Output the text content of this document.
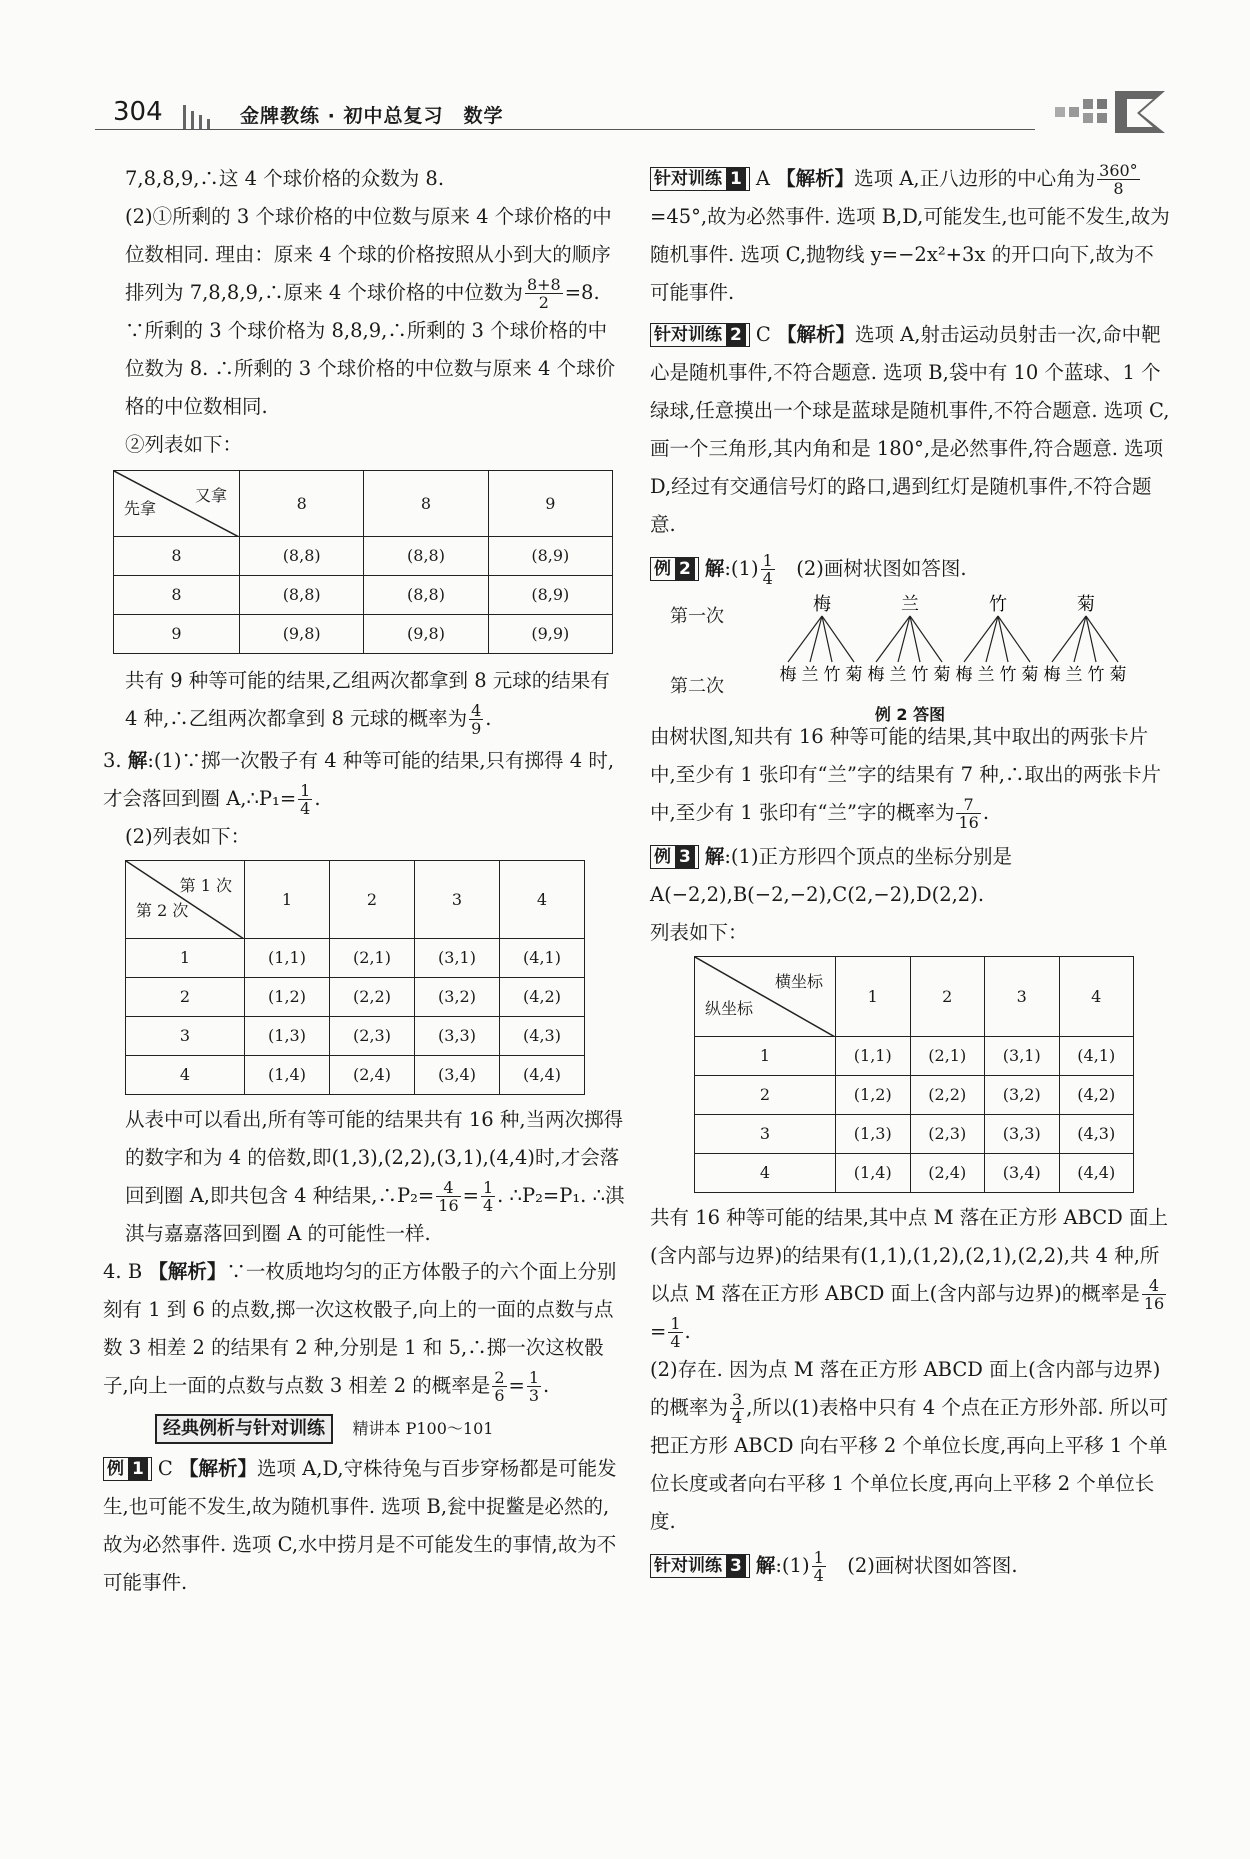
304	金牌教练 · 初中总复习　数学

7,8,8,9,∴这 4 个球价格的众数为 8.

(2)①所剩的 3 个球价格的中位数与原来 4 个球价格的中位数相同. 理由：原来 4 个球的价格按照从小到大的顺序排列为 7,8,8,9,∴原来 4 个球价格的中位数为 $\frac{8+8}{2} =8$. ∵所剩的 3 个球价格为 8,8,9,∴所剩的 3 个球价格的中位数为 8. ∴所剩的 3 个球价格的中位数与原来 4 个球价格的中位数相同.

②列表如下：

又拿
先拿	8	8	9
8	(8,8)	(8,8)	(8,9)
8	(8,8)	(8,8)	(8,9)
9	(9,8)	(9,8)	(9,9)

共有 9 种等可能的结果,乙组两次都拿到 8 元球的结果有 4 种,∴乙组两次都拿到 8 元球的概率为 $\frac{4}{9}$ .

3. 解:(1)∵掷一次骰子有 4 种等可能的结果,只有掷得 4 时,才会落回到圈 A,∴P₁= $\frac{1}{4}$ .

(2)列表如下：

第 1 次
第 2 次	1	2	3	4
1	(1,1)	(2,1)	(3,1)	(4,1)
2	(1,2)	(2,2)	(3,2)	(4,2)
3	(1,3)	(2,3)	(3,3)	(4,3)
4	(1,4)	(2,4)	(3,4)	(4,4)

从表中可以看出,所有等可能的结果共有 16 种,当两次掷得的数字和为 4 的倍数,即(1,3),(2,2),(3,1),(4,4)时,才会落回到圈 A,即共包含 4 种结果,∴P₂= $\frac{4}{16} = \frac{1}{4}$ . ∴P₂=P₁. ∴淇淇与嘉嘉落回到圈 A 的可能性一样.

4. B 【解析】∵一枚质地均匀的正方体骰子的六个面上分别刻有 1 到 6 的点数,掷一次这枚骰子,向上的一面的点数与点数 3 相差 2 的结果有 2 种,分别是 1 和 5,∴掷一次这枚骰子,向上一面的点数与点数 3 相差 2 的概率是 $\frac{2}{6} = \frac{1}{3}$ .

经典例析与针对训练　 精讲本 P100～101

例 1 C 【解析】选项 A,D,守株待兔与百步穿杨都是可能发生,也可能不发生,故为随机事件. 选项 B,瓮中捉鳖是必然的,故为必然事件. 选项 C,水中捞月是不可能发生的事情,故为不可能事件.

针对训练 1 A 【解析】选项 A,正八边形的中心角为 $\frac{360^\circ}{8}$
=45°,故为必然事件. 选项 B,D,可能发生,也可能不发生,故为随机事件. 选项 C,抛物线 y=−2x²+3x 的开口向下,故为不可能事件.

针对训练 2 C 【解析】选项 A,射击运动员射击一次,命中靶心是随机事件,不符合题意. 选项 B,袋中有 10 个蓝球、1 个绿球,任意摸出一个球是蓝球是随机事件,不符合题意. 选项 C,画一个三角形,其内角和是 180°,是必然事件,符合题意. 选项 D,经过有交通信号灯的路口,遇到红灯是随机事件,不符合题意.

例 2 解:(1) $\frac{1}{4}$ 　(2)画树状图如答图.

第一次
第二次
梅
梅 兰 竹 菊
兰
梅 兰 竹 菊
竹
梅 兰 竹 菊
菊
梅 兰 竹 菊
例 2 答图

由树状图,知共有 16 种等可能的结果,其中取出的两张卡片中,至少有 1 张印有“兰”字的结果有 7 种,∴取出的两张卡片中,至少有 1 张印有“兰”字的概率为 $\frac{7}{16}$ .

例 3 解:(1)正方形四个顶点的坐标分别是 A(−2,2),B(−2,−2),C(2,−2),D(2,2).

列表如下：

横坐标
纵坐标	1	2	3	4
1	(1,1)	(2,1)	(3,1)	(4,1)
2	(1,2)	(2,2)	(3,2)	(4,2)
3	(1,3)	(2,3)	(3,3)	(4,3)
4	(1,4)	(2,4)	(3,4)	(4,4)

共有 16 种等可能的结果,其中点 M 落在正方形 ABCD 面上(含内部与边界)的结果有(1,1),(1,2),(2,1),(2,2),共 4 种,所以点 M 落在正方形 ABCD 面上(含内部与边界)的概率是 $\frac{4}{16}$
= $\frac{1}{4}$ .

(2)存在. 因为点 M 落在正方形 ABCD 面上(含内部与边界)的概率为 $\frac{3}{4}$ ,所以(1)表格中只有 4 个点在正方形外部. 所以可把正方形 ABCD 向右平移 2 个单位长度,再向上平移 1 个单位长度或者向右平移 1 个单位长度,再向上平移 2 个单位长度.

针对训练 3 解:(1) $\frac{1}{4}$ 　(2)画树状图如答图.
